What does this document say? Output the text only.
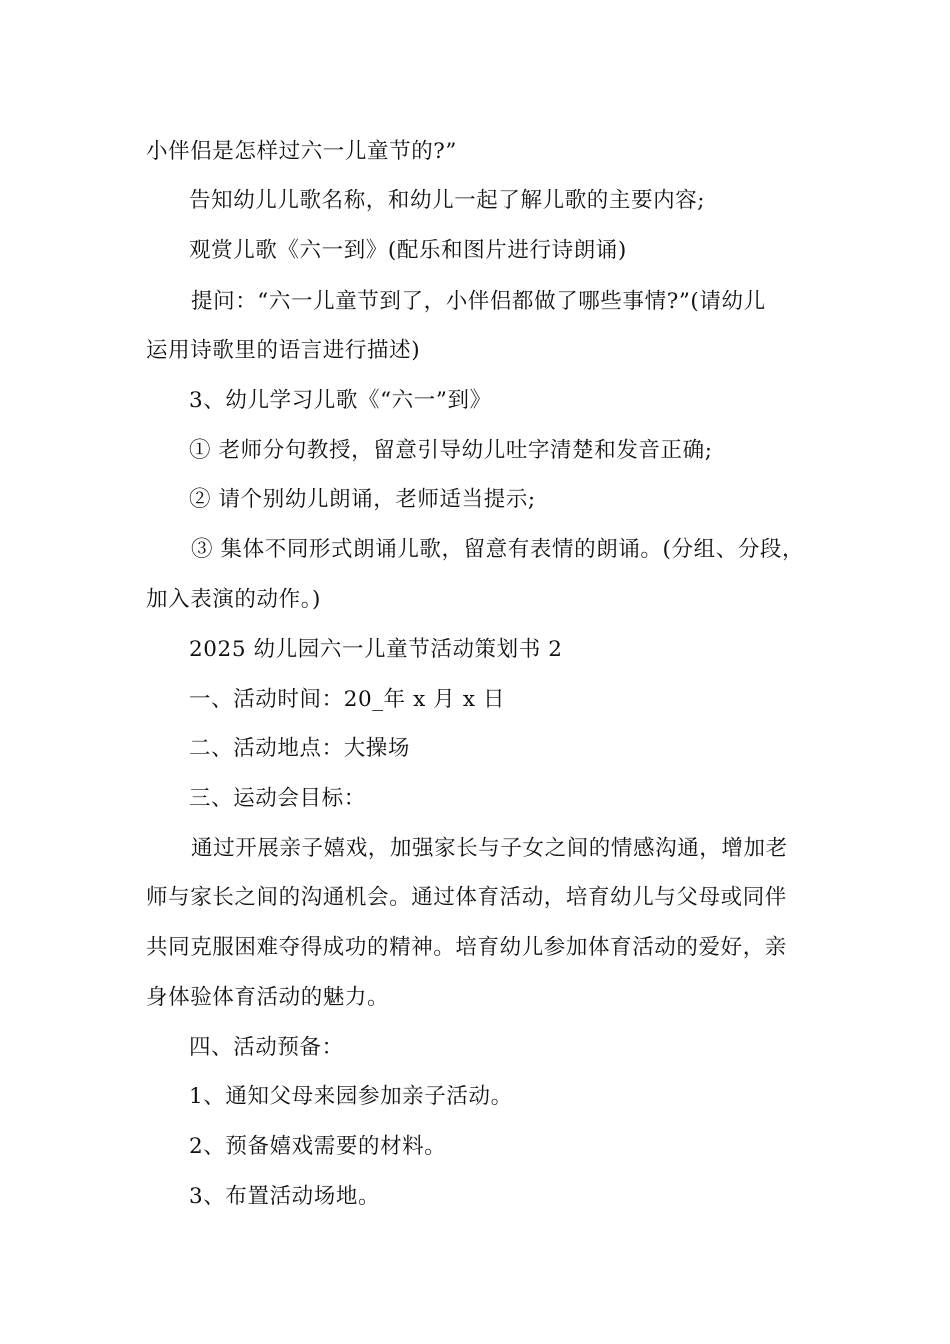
小伴侣是怎样过六一儿童节的?”
告知幼儿儿歌名称，和幼儿一起了解儿歌的主要内容;
观赏儿歌《六一到》(配乐和图片进行诗朗诵)
提问：“六一儿童节到了，小伴侣都做了哪些事情?”(请幼儿
运用诗歌里的语言进行描述)
3、幼儿学习儿歌《“六一”到》
① 老师分句教授，留意引导幼儿吐字清楚和发音正确;
② 请个别幼儿朗诵，老师适当提示;
③ 集体不同形式朗诵儿歌，留意有表情的朗诵。(分组、分段，
加入表演的动作。)
2025 幼儿园六一儿童节活动策划书 2
一、活动时间：20_年 x 月 x 日
二、活动地点：大操场
三、运动会目标：
通过开展亲子嬉戏，加强家长与子女之间的情感沟通，增加老
师与家长之间的沟通机会。通过体育活动，培育幼儿与父母或同伴
共同克服困难夺得成功的精神。培育幼儿参加体育活动的爱好，亲
身体验体育活动的魅力。
四、活动预备：
1、通知父母来园参加亲子活动。
2、预备嬉戏需要的材料。
3、布置活动场地。
